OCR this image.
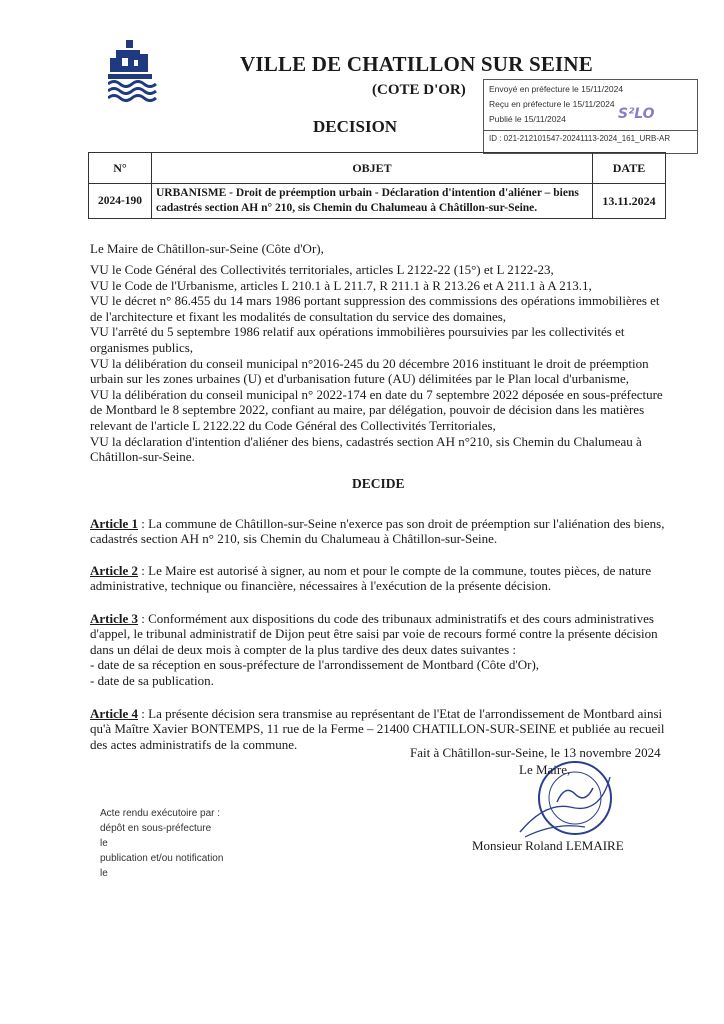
VILLE DE CHATILLON SUR SEINE
(COTE D'OR)
DECISION
Envoyé en préfecture le 15/11/2024
Reçu en préfecture le 15/11/2024
Publié le 15/11/2024	S²LO
ID : 021-212101547-20241113-2024_161_URB-AR
N°	OBJET	DATE
2024-190	URBANISME - Droit de préemption urbain - Déclaration d'intention d'aliéner – biens cadastrés section AH n° 210, sis Chemin du Chalumeau à Châtillon-sur-Seine.	13.11.2024
Le Maire de Châtillon-sur-Seine (Côte d'Or),
VU le Code Général des Collectivités territoriales, articles L 2122-22 (15°) et L 2122-23,
VU le Code de l'Urbanisme, articles L 210.1 à L 211.7, R 211.1 à R 213.26 et A 211.1 à A 213.1,
VU le décret n° 86.455 du 14 mars 1986 portant suppression des commissions des opérations immobilières et de l'architecture et fixant les modalités de consultation du service des domaines,
VU l'arrêté du 5 septembre 1986 relatif aux opérations immobilières poursuivies par les collectivités et organismes publics,
VU la délibération du conseil municipal n°2016-245 du 20 décembre 2016 instituant le droit de préemption urbain sur les zones urbaines (U) et d'urbanisation future (AU) délimitées par le Plan local d'urbanisme,
VU la délibération du conseil municipal n° 2022-174 en date du 7 septembre 2022 déposée en sous-préfecture de Montbard le 8 septembre 2022, confiant au maire, par délégation, pouvoir de décision dans les matières relevant de l'article L 2122.22 du Code Général des Collectivités Territoriales,
VU la déclaration d'intention d'aliéner des biens, cadastrés section AH n°210, sis Chemin du Chalumeau à Châtillon-sur-Seine.
DECIDE

Article 1 : La commune de Châtillon-sur-Seine n'exerce pas son droit de préemption sur l'aliénation des biens, cadastrés section AH n° 210, sis Chemin du Chalumeau à Châtillon-sur-Seine.

Article 2 : Le Maire est autorisé à signer, au nom et pour le compte de la commune, toutes pièces, de nature administrative, technique ou financière, nécessaires à l'exécution de la présente décision.

Article 3 : Conformément aux dispositions du code des tribunaux administratifs et des cours administratives d'appel, le tribunal administratif de Dijon peut être saisi par voie de recours formé contre la présente décision dans un délai de deux mois à compter de la plus tardive des deux dates suivantes :
- date de sa réception en sous-préfecture de l'arrondissement de Montbard (Côte d'Or),
- date de sa publication.

Article 4 : La présente décision sera transmise au représentant de l'Etat de l'arrondissement de Montbard ainsi qu'à Maître Xavier BONTEMPS, 11 rue de la Ferme – 21400 CHATILLON-SUR-SEINE et publiée au recueil des actes administratifs de la commune.

Fait à Châtillon-sur-Seine, le 13 novembre 2024
Le Maire,
Monsieur Roland LEMAIRE
Acte rendu exécutoire par :
dépôt en sous-préfecture
le
publication et/ou notification
le
